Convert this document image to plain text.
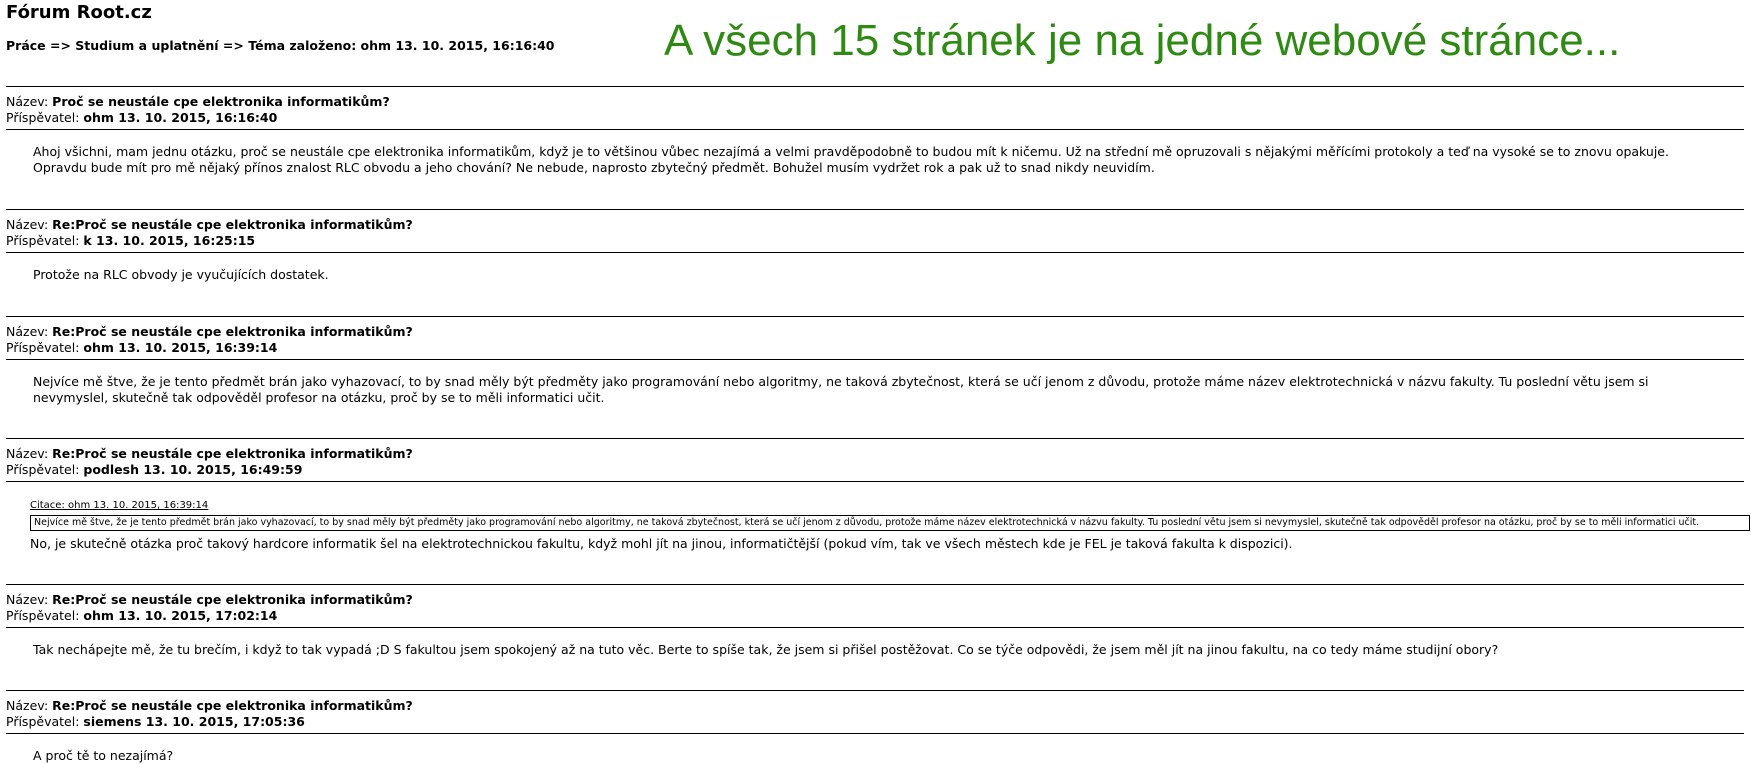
Fórum Root.cz
Práce => Studium a uplatnění => Téma založeno: ohm 13. 10. 2015, 16:16:40 A všech 15 stránek je na jedné webové stránce...
Název: Proč se neustále cpe elektronika informatikům?
Příspěvatel: ohm 13. 10. 2015, 16:16:40
Ahoj všichni, mam jednu otázku, proč se neustále cpe elektronika informatikům, když je to většinou vůbec nezajímá a velmi pravděpodobně to budou mít k ničemu. Už na střední mě opruzovali s nějakými měřícími protokoly a teď na vysoké se to znovu opakuje. Opravdu bude mít pro mě nějaký přínos znalost RLC obvodu a jeho chování? Ne nebude, naprosto zbytečný předmět. Bohužel musím vydržet rok a pak už to snad nikdy neuvidím.
Název: Re:Proč se neustále cpe elektronika informatikům?
Příspěvatel: k 13. 10. 2015, 16:25:15
Protože na RLC obvody je vyučujících dostatek.
Název: Re:Proč se neustále cpe elektronika informatikům?
Příspěvatel: ohm 13. 10. 2015, 16:39:14
Nejvíce mě štve, že je tento předmět brán jako vyhazovací, to by snad měly být předměty jako programování nebo algoritmy, ne taková zbytečnost, která se učí jenom z důvodu, protože máme název elektrotechnická v názvu fakulty. Tu poslední větu jsem si nevymyslel, skutečně tak odpověděl profesor na otázku, proč by se to měli informatici učit.
Název: Re:Proč se neustále cpe elektronika informatikům?
Příspěvatel: podlesh 13. 10. 2015, 16:49:59
Citace: ohm 13. 10. 2015, 16:39:14
Nejvíce mě štve, že je tento předmět brán jako vyhazovací, to by snad měly být předměty jako programování nebo algoritmy, ne taková zbytečnost, která se učí jenom z důvodu, protože máme název elektrotechnická v názvu fakulty. Tu poslední větu jsem si nevymyslel, skutečně tak odpověděl profesor na otázku, proč by se to měli informatici učit.
No, je skutečně otázka proč takový hardcore informatik šel na elektrotechnickou fakultu, když mohl jít na jinou, informatičtější (pokud vím, tak ve všech městech kde je FEL je taková fakulta k dispozici).
Název: Re:Proč se neustále cpe elektronika informatikům?
Příspěvatel: ohm 13. 10. 2015, 17:02:14
Tak nechápejte mě, že tu brečím, i když to tak vypadá ;D S fakultou jsem spokojený až na tuto věc. Berte to spíše tak, že jsem si přišel postěžovat. Co se týče odpovědi, že jsem měl jít na jinou fakultu, na co tedy máme studijní obory?
Název: Re:Proč se neustále cpe elektronika informatikům?
Příspěvatel: siemens 13. 10. 2015, 17:05:36
A proč tě to nezajímá?
